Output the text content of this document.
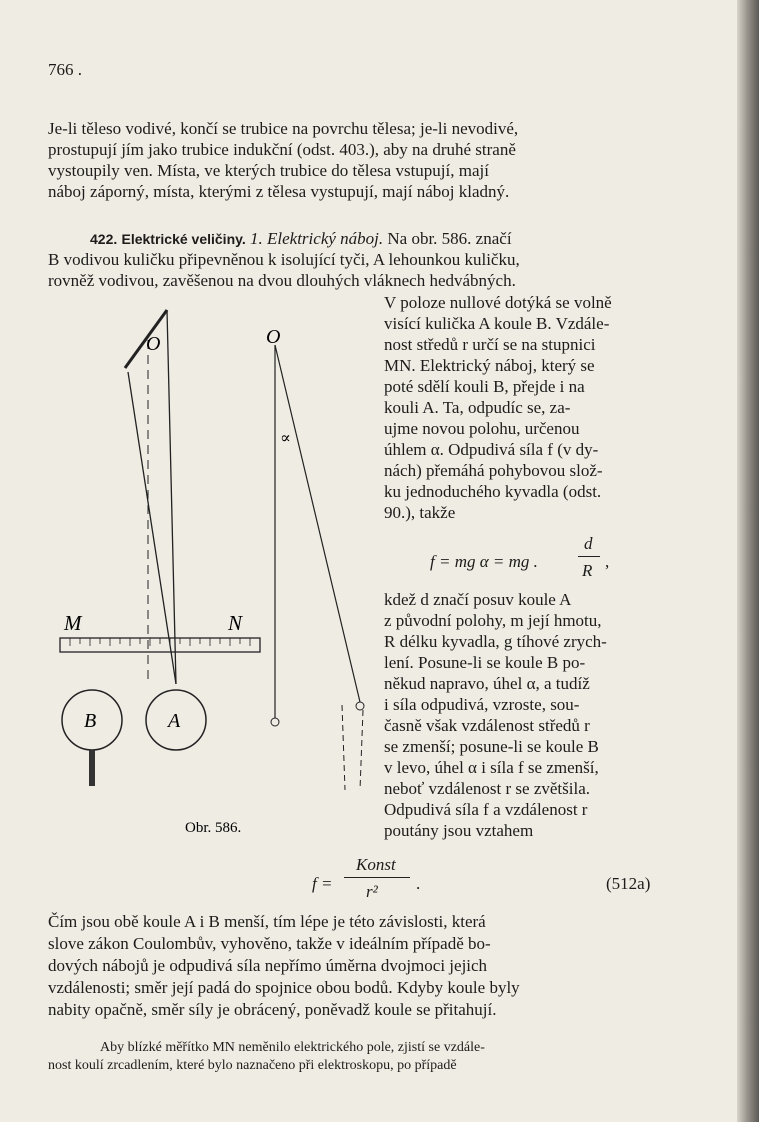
766 .
Je-li těleso vodivé, končí se trubice na povrchu tělesa; je-li nevodivé,
prostupují jím jako trubice indukční (odst. 403.), aby na druhé straně
vystoupily ven. Místa, ve kterých trubice do tělesa vstupují, mají
náboj záporný, místa, kterými z tělesa vystupují, mají náboj kladný.
422. Elektrické veličiny. 1. Elektrický náboj. Na obr. 586. značí
B vodivou kuličku připevněnou k isolující tyči, A lehounkou kuličku,
rovněž vodivou, zavěšenou na dvou dlouhých vláknech hedvábných.
V poloze nullové dotýká se volně
visící kulička A koule B. Vzdále-
nost středů r určí se na stupnici
MN. Elektrický náboj, který se
poté sdělí kouli B, přejde i na
kouli A. Ta, odpudíc se, za-
ujme novou polohu, určenou
úhlem α. Odpudivá síla f (v dy-
nách) přemáhá pohybovou slož-
ku jednoduchého kyvadla (odst.
90.), takže
f = mg α = mg .
d
R ,
kdež d značí posuv koule A
z původní polohy, m její hmotu,
R délku kyvadla, g tíhové zrych-
lení. Posune-li se koule B po-
někud napravo, úhel α, a tudíž
i síla odpudivá, vzroste, sou-
časně však vzdálenost středů r
se zmenší; posune-li se koule B
v levo, úhel α i síla f se zmenší,
neboť vzdálenost r se zvětšila.
Odpudivá síla f a vzdálenost r
poutány jsou vztahem
f =
Konst
r² .	(512a)
Čím jsou obě koule A i B menší, tím lépe je této závislosti, která
slove zákon Coulombův, vyhověno, takže v ideálním případě bo-
dových nábojů je odpudivá síla nepřímo úměrna dvojmoci jejich
vzdálenosti; směr její padá do spojnice obou bodů. Kdyby koule byly
nabity opačně, směr síly je obrácený, poněvadž koule se přitahují.
Aby blízké měřítko MN neměnilo elektrického pole, zjistí se vzdále-
nost koulí zrcadlením, které bylo naznačeno při elektroskopu, po případě
O	O
∝
M	N
B	A
Obr. 586.
